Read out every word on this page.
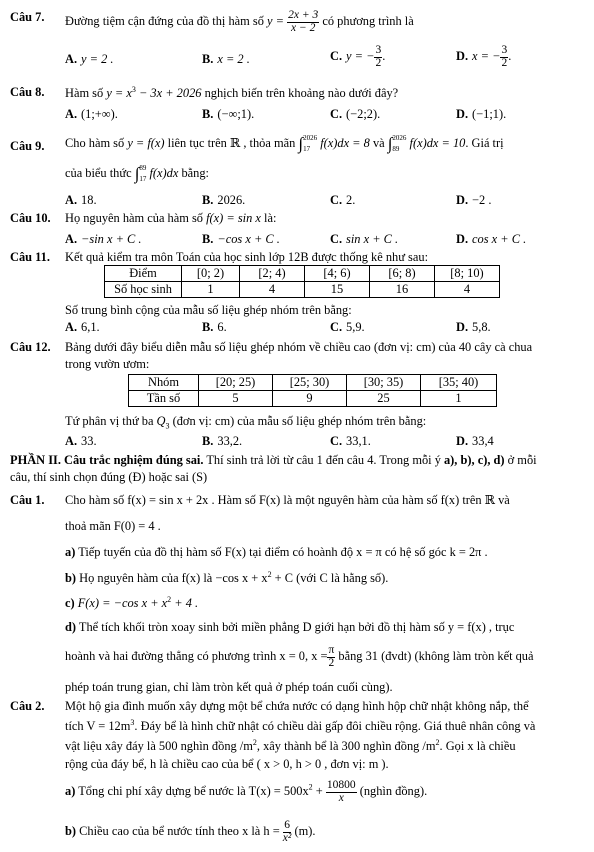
Câu 7. Đường tiệm cận đứng của đồ thị hàm số $y = \frac{2x + 3}{x - 2}$ có phương trình là
A. y = 2 .	B. x = 2 .	C. y = − $\frac{3}{2}$ .	D. x = − $\frac{3}{2}$ .
Câu 8. Hàm số $y = x^3 - 3x + 2026$ nghịch biến trên khoảng nào dưới đây?
A. (1;+∞).	B. (−∞;1).	C. (−2;2).	D. (−1;1).
Câu 9. Cho hàm số y = f(x) liên tục trên ℝ , thỏa mãn ∫ 2026
17 f(x)dx = 8 và ∫ 2026
89 f(x)dx = 10. Giá trị
của biểu thức ∫ 89
17 f(x)dx bằng:
A. 18.	B. 2026.	C. 2.	D. −2 .
Câu 10. Họ nguyên hàm của hàm số f(x) = sin x là:
A. −sin x + C .	B. −cos x + C .	C. sin x + C .	D. cos x + C .
Câu 11. Kết quả kiểm tra môn Toán của học sinh lớp 12B được thống kê như sau:
Điểm	[0; 2)	[2; 4)	[4; 6)	[6; 8)	[8; 10)
Số học sinh	1	4	15	16	4
Số trung bình cộng của mẫu số liệu ghép nhóm trên bằng:
A. 6,1.	B. 6.	C. 5,9.	D. 5,8.
Câu 12. Bảng dưới đây biểu diễn mẫu số liệu ghép nhóm về chiều cao (đơn vị: cm) của 40 cây cà chua
trong vườn ươm:
Nhóm	[20; 25)	[25; 30)	[30; 35)	[35; 40)
Tần số	5	9	25	1
Tứ phân vị thứ ba $Q_3$ (đơn vị: cm) của mẫu số liệu ghép nhóm trên bằng:
A. 33.	B. 33,2.	C. 33,1.	D. 33,4
PHẦN II. Câu trắc nghiệm đúng sai. Thí sinh trả lời từ câu 1 đến câu 4. Trong mỗi ý a), b), c), d) ở mỗi
câu, thí sinh chọn đúng (Đ) hoặc sai (S)
Câu 1. Cho hàm số f(x) = sin x + 2x . Hàm số F(x) là một nguyên hàm của hàm số f(x) trên ℝ và
thoả mãn F(0) = 4 .
a) Tiếp tuyến của đồ thị hàm số F(x) tại điểm có hoành độ x = π có hệ số góc k = 2π .
b) Họ nguyên hàm của f(x) là −cos $x + x^2 + C$ (với C là hằng số).
c) F(x) = −cos $x + x^2 + 4$ .
d) Thể tích khối tròn xoay sinh bởi miền phẳng D giới hạn bởi đồ thị hàm số y = f(x) , trục
hoành và hai đường thẳng có phương trình x = 0, $x = \frac{\pi}{2}$ bằng 31 (đvdt) (không làm tròn kết quả
phép toán trung gian, chỉ làm tròn kết quả ở phép toán cuối cùng).
Câu 2. Một hộ gia đình muốn xây dựng một bể chứa nước có dạng hình hộp chữ nhật không nắp, thể
tích $V = 12m^3$. Đáy bể là hình chữ nhật có chiều dài gấp đôi chiều rộng. Giá thuê nhân công và
vật liệu xây đáy là 500 nghìn đồng $/m^2$, xây thành bể là 300 nghìn đồng $/m^2$. Gọi x là chiều
rộng của đáy bể, h là chiều cao của bể ( x > 0, h > 0 , đơn vị: m ).
a) Tổng chi phí xây dựng bể nước là $T(x) = 500x^2 + \frac{10800}{x}$ (nghìn đồng).
b) Chiều cao của bể nước tính theo x là $h = \frac{6}{\text{x²}} (m)$.
